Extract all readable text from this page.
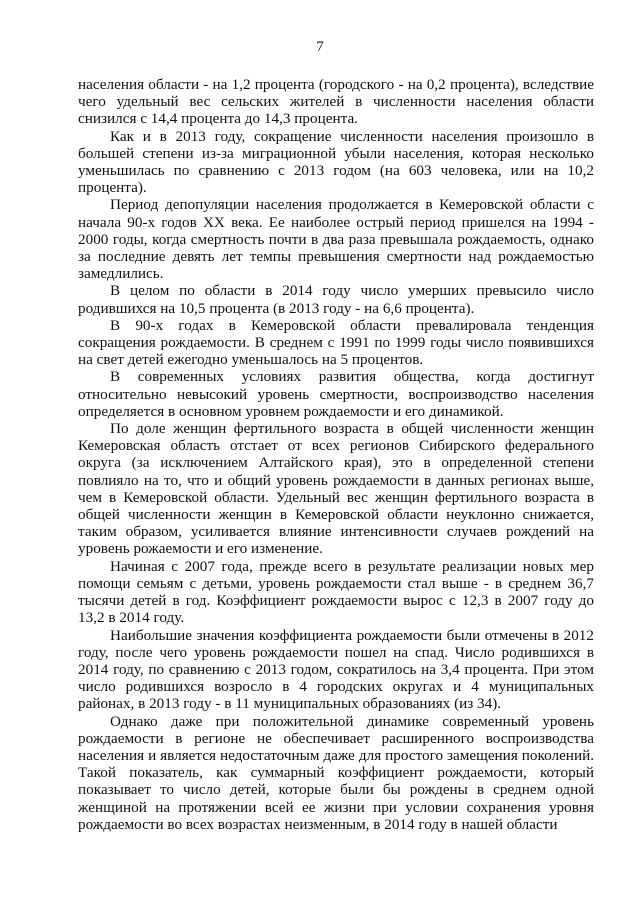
7

населения области - на 1,2 процента (городского - на 0,2 процента), вследствие чего удельный вес сельских жителей в численности населения области снизился с 14,4 процента до 14,3 процента.

Как и в 2013 году, сокращение численности населения произошло в большей степени из-за миграционной убыли населения, которая несколько уменьшилась по сравнению с 2013 годом (на 603 человека, или на 10,2 процента).

Период депопуляции населения продолжается в Кемеровской области с начала 90-х годов XX века. Ее наиболее острый период пришелся на 1994 - 2000 годы, когда смертность почти в два раза превышала рождаемость, однако за последние девять лет темпы превышения смертности над рождаемостью замедлились.

В целом по области в 2014 году число умерших превысило число родившихся на 10,5 процента (в 2013 году - на 6,6 процента).

В 90-х годах в Кемеровской области превалировала тенденция сокращения рождаемости. В среднем с 1991 по 1999 годы число появившихся на свет детей ежегодно уменьшалось на 5 процентов.

В современных условиях развития общества, когда достигнут относительно невысокий уровень смертности, воспроизводство населения определяется в основном уровнем рождаемости и его динамикой.

По доле женщин фертильного возраста в общей численности женщин Кемеровская область отстает от всех регионов Сибирского федерального округа (за исключением Алтайского края), это в определенной степени повлияло на то, что и общий уровень рождаемости в данных регионах выше, чем в Кемеровской области. Удельный вес женщин фертильного возраста в общей численности женщин в Кемеровской области неуклонно снижается, таким образом, усиливается влияние интенсивности случаев рождений на уровень рожаемости и его изменение.

Начиная с 2007 года, прежде всего в результате реализации новых мер помощи семьям с детьми, уровень рождаемости стал выше - в среднем 36,7 тысячи детей в год. Коэффициент рождаемости вырос с 12,3 в 2007 году до 13,2 в 2014 году.

Наибольшие значения коэффициента рождаемости были отмечены в 2012 году, после чего уровень рождаемости пошел на спад. Число родившихся в 2014 году, по сравнению с 2013 годом, сократилось на 3,4 процента. При этом число родившихся возросло в 4 городских округах и 4 муниципальных районах, в 2013 году - в 11 муниципальных образованиях (из 34).

Однако даже при положительной динамике современный уровень рождаемости в регионе не обеспечивает расширенного воспроизводства населения и является недостаточным даже для простого замещения поколений. Такой показатель, как суммарный коэффициент рождаемости, который показывает то число детей, которые были бы рождены в среднем одной женщиной на протяжении всей ее жизни при условии сохранения уровня рождаемости во всех возрастах неизменным, в 2014 году в нашей области
